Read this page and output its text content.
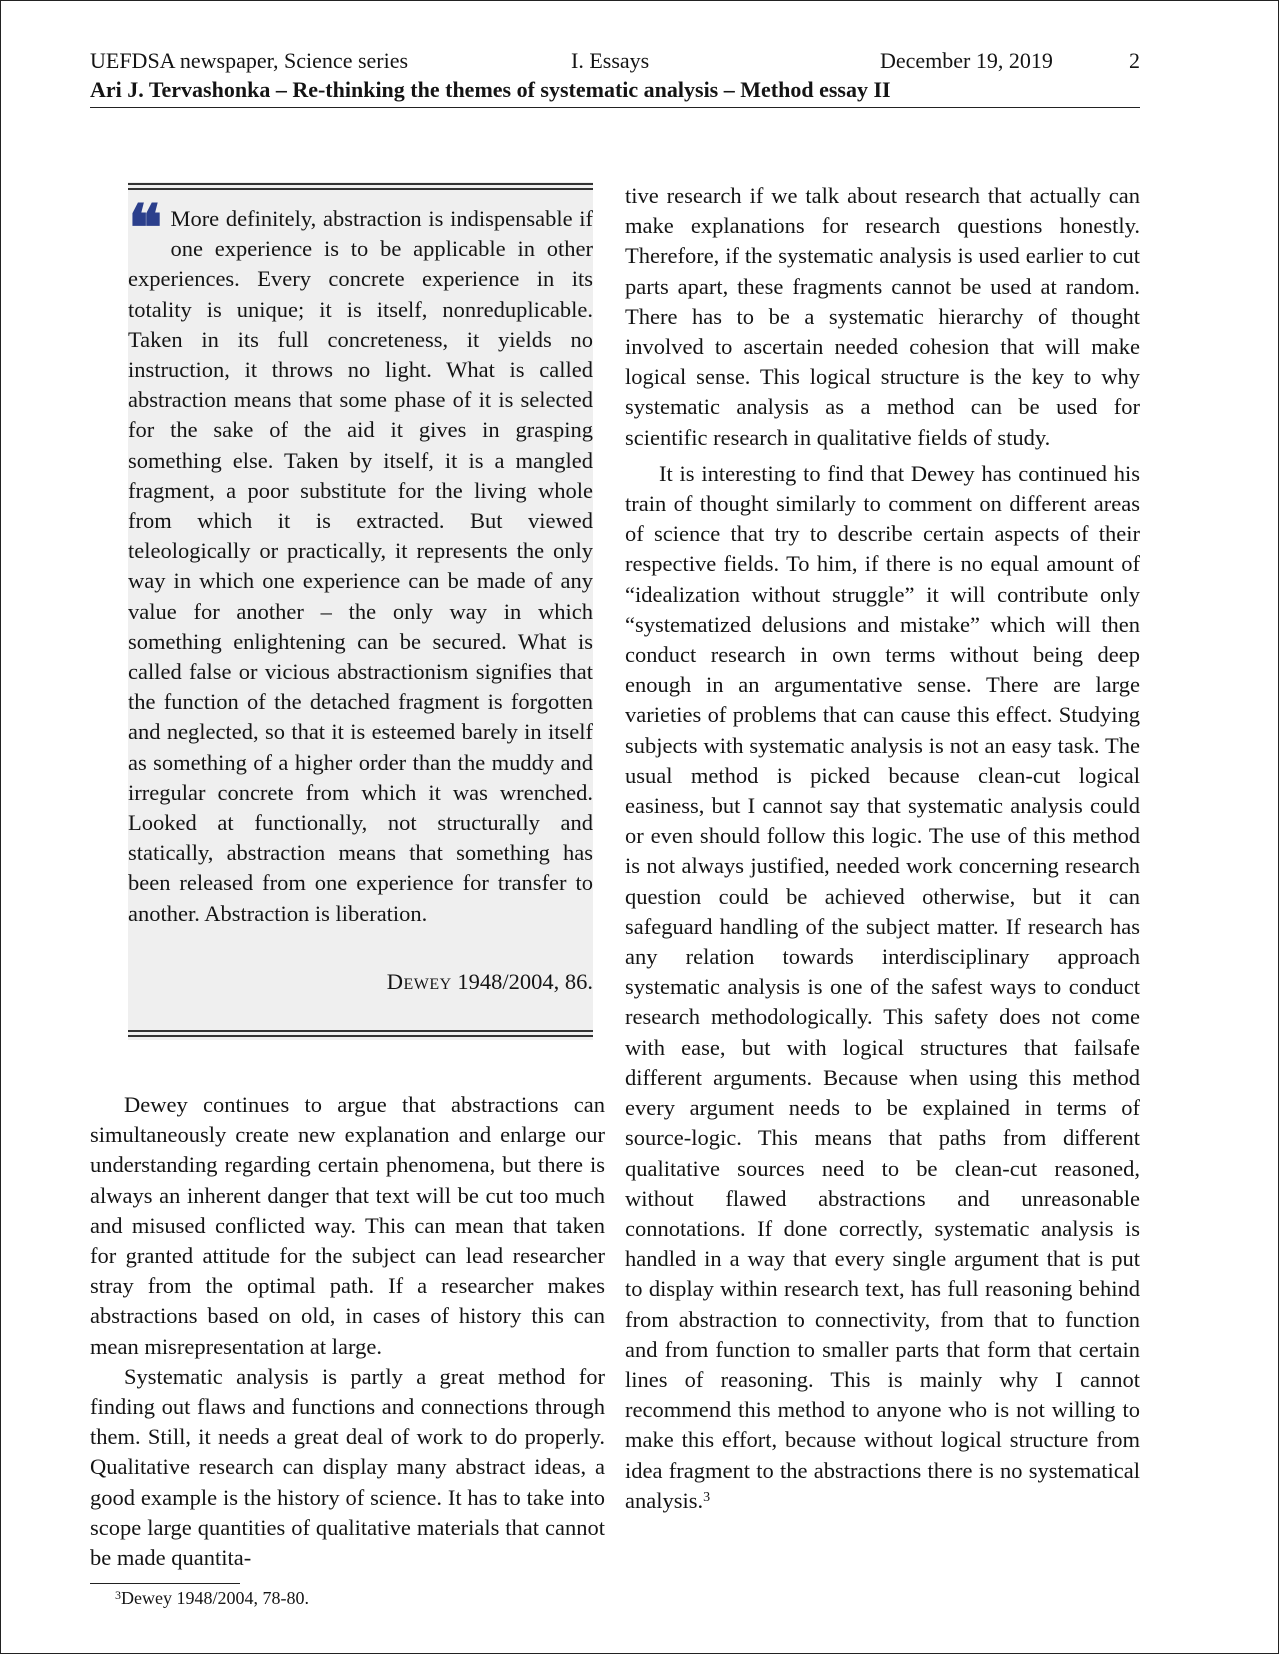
UEFDSA newspaper, Science series	I. Essays	December 19, 2019	2
Ari J. Tervashonka – Re-thinking the themes of systematic analysis – Method essay II
❝ More definitely, abstraction is indispensable if one experience is to be applicable in other experiences. Every concrete experience in its totality is unique; it is itself, nonreduplicable. Taken in its full concreteness, it yields no instruction, it throws no light. What is called abstraction means that some phase of it is selected for the sake of the aid it gives in grasping something else. Taken by itself, it is a mangled fragment, a poor substitute for the living whole from which it is extracted. But viewed teleologically or practically, it represents the only way in which one experience can be made of any value for another – the only way in which something enlightening can be secured. What is called false or vicious abstractionism signifies that the function of the detached fragment is forgotten and neglected, so that it is esteemed barely in itself as something of a higher order than the muddy and irregular concrete from which it was wrenched. Looked at functionally, not structurally and statically, abstraction means that something has been released from one experience for transfer to another. Abstraction is liberation.
Dewey 1948/2004, 86.

Dewey continues to argue that abstractions can simultaneously create new explanation and enlarge our understanding regarding certain phenomena, but there is always an inherent danger that text will be cut too much and misused conflicted way. This can mean that taken for granted attitude for the subject can lead researcher stray from the optimal path. If a researcher makes abstractions based on old, in cases of history this can mean misrepresentation at large.

Systematic analysis is partly a great method for finding out flaws and functions and connections through them. Still, it needs a great deal of work to do properly. Qualitative research can display many abstract ideas, a good example is the history of science. It has to take into scope large quantities of qualitative materials that cannot be made quantita-

tive research if we talk about research that actually can make explanations for research questions honestly. Therefore, if the systematic analysis is used earlier to cut parts apart, these fragments cannot be used at random. There has to be a systematic hierarchy of thought involved to ascertain needed cohesion that will make logical sense. This logical structure is the key to why systematic analysis as a method can be used for scientific research in qualitative fields of study.

It is interesting to find that Dewey has continued his train of thought similarly to comment on different areas of science that try to describe certain aspects of their respective fields. To him, if there is no equal amount of “idealization without struggle” it will contribute only “systematized delusions and mistake” which will then conduct research in own terms without being deep enough in an argumentative sense. There are large varieties of problems that can cause this effect. Studying subjects with systematic analysis is not an easy task. The usual method is picked because clean-cut logical easiness, but I cannot say that systematic analysis could or even should follow this logic. The use of this method is not always justified, needed work concerning research question could be achieved otherwise, but it can safeguard handling of the subject matter. If research has any relation towards interdisciplinary approach systematic analysis is one of the safest ways to conduct research methodologically. This safety does not come with ease, but with logical structures that failsafe different arguments. Because when using this method every argument needs to be explained in terms of source-logic. This means that paths from different qualitative sources need to be clean-cut reasoned, without flawed abstractions and unreasonable connotations. If done correctly, systematic analysis is handled in a way that every single argument that is put to display within research text, has full reasoning behind from abstraction to connectivity, from that to function and from function to smaller parts that form that certain lines of reasoning. This is mainly why I cannot recommend this method to anyone who is not willing to make this effort, because without logical structure from idea fragment to the abstractions there is no systematical analysis.$^3$

$^3$Dewey 1948/2004, 78-80.
